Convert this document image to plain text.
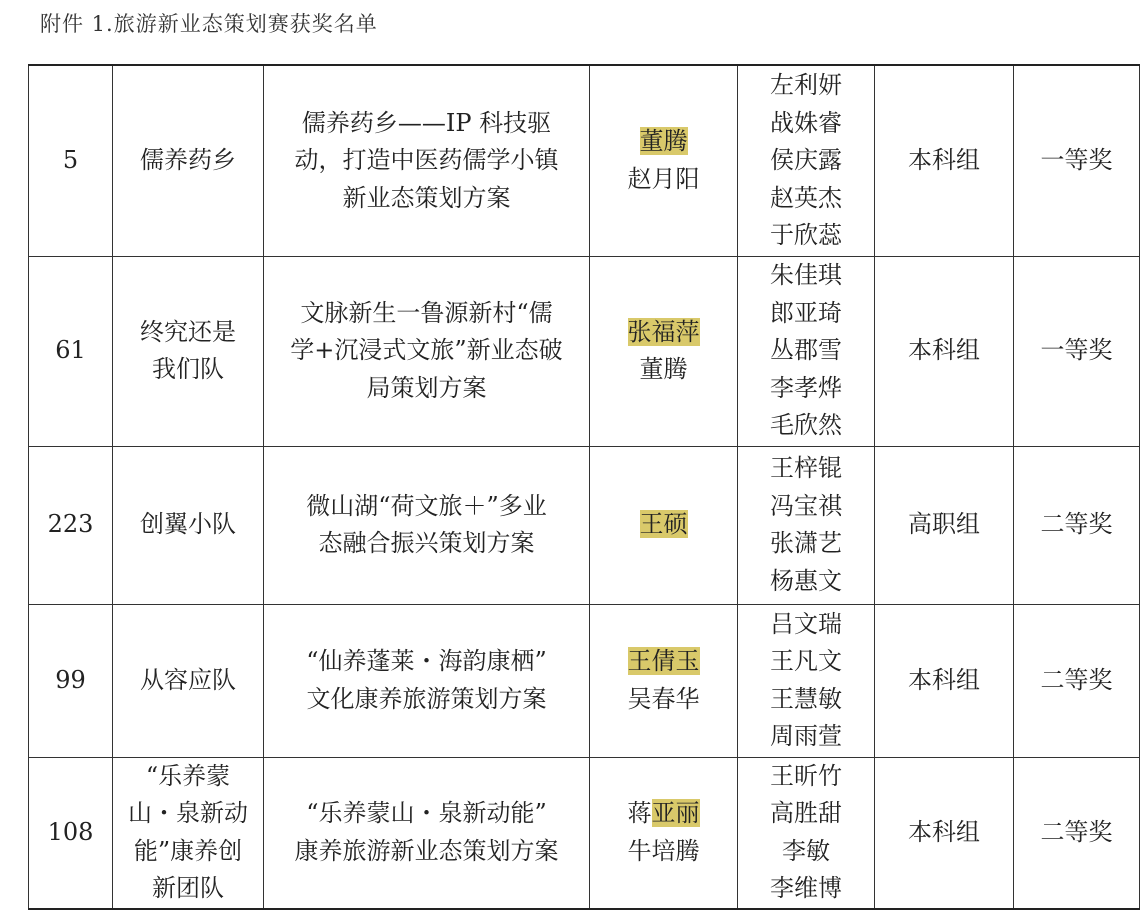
附件 1.旅游新业态策划赛获奖名单
5	儒养药乡	儒养药乡——IP 科技驱
动，打造中医药儒学小镇
新业态策划方案	董腾
赵月阳	左利妍
战姝睿
侯庆露
赵英杰
于欣蕊	本科组	一等奖
61	终究还是
我们队	文脉新生一鲁源新村“儒
学+沉浸式文旅”新业态破
局策划方案	张福萍
董腾	朱佳琪
郎亚琦
丛郡雪
李孝烨
毛欣然	本科组	一等奖
223	创翼小队	微山湖“荷文旅＋”多业
态融合振兴策划方案	王硕	王梓锟
冯宝祺
张潇艺
杨惠文	高职组	二等奖
99	从容应队	“仙养蓬莱・海韵康栖”
文化康养旅游策划方案	王倩玉
吴春华	吕文瑞
王凡文
王慧敏
周雨萱	本科组	二等奖
108	“乐养蒙
山・泉新动
能”康养创
新团队	“乐养蒙山・泉新动能”
康养旅游新业态策划方案	蒋亚丽
牛培腾	王昕竹
高胜甜
李敏
李维博	本科组	二等奖
